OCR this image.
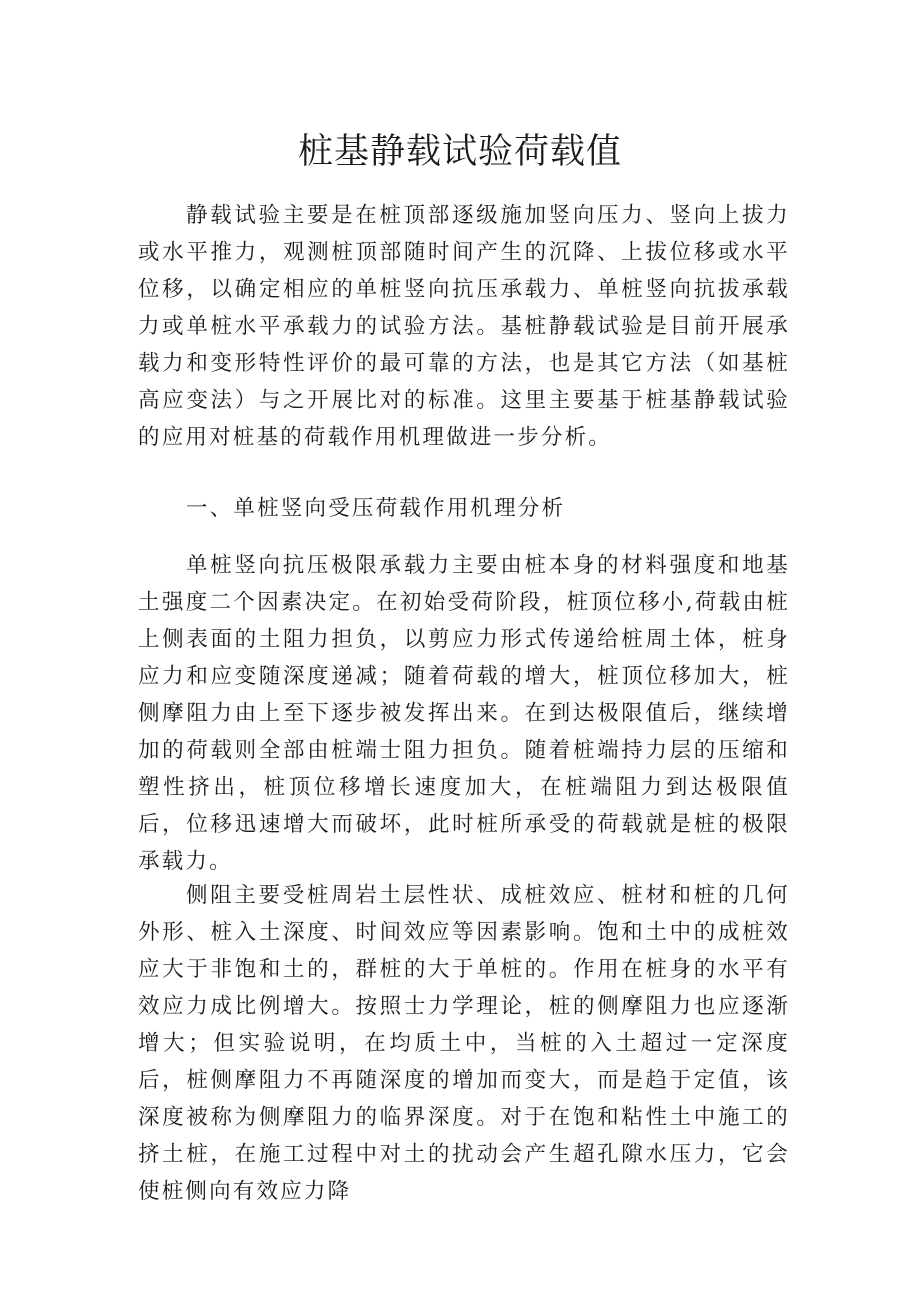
桩基静载试验荷载值

静载试验主要是在桩顶部逐级施加竖向压力、竖向上拔力或水平推力，观测桩顶部随时间产生的沉降、上拔位移或水平位移，以确定相应的单桩竖向抗压承载力、单桩竖向抗拔承载力或单桩水平承载力的试验方法。基桩静载试验是目前开展承载力和变形特性评价的最可靠的方法，也是其它方法（如基桩高应变法）与之开展比对的标准。这里主要基于桩基静载试验的应用对桩基的荷载作用机理做进一步分析。

一、单桩竖向受压荷载作用机理分析

单桩竖向抗压极限承载力主要由桩本身的材料强度和地基土强度二个因素决定。在初始受荷阶段，桩顶位移小,荷载由桩上侧表面的土阻力担负，以剪应力形式传递给桩周土体，桩身应力和应变随深度递减；随着荷载的增大，桩顶位移加大，桩侧摩阻力由上至下逐步被发挥出来。在到达极限值后，继续增加的荷载则全部由桩端士阻力担负。随着桩端持力层的压缩和塑性挤出，桩顶位移增长速度加大，在桩端阻力到达极限值后，位移迅速增大而破坏，此时桩所承受的荷载就是桩的极限承载力。

侧阻主要受桩周岩土层性状、成桩效应、桩材和桩的几何外形、桩入土深度、时间效应等因素影响。饱和土中的成桩效应大于非饱和土的，群桩的大于单桩的。作用在桩身的水平有效应力成比例增大。按照士力学理论，桩的侧摩阻力也应逐渐增大；但实验说明，在均质土中，当桩的入土超过一定深度后，桩侧摩阻力不再随深度的增加而变大，而是趋于定值，该深度被称为侧摩阻力的临界深度。对于在饱和粘性土中施工的挤土桩，在施工过程中对土的扰动会产生超孔隙水压力，它会使桩侧向有效应力降
